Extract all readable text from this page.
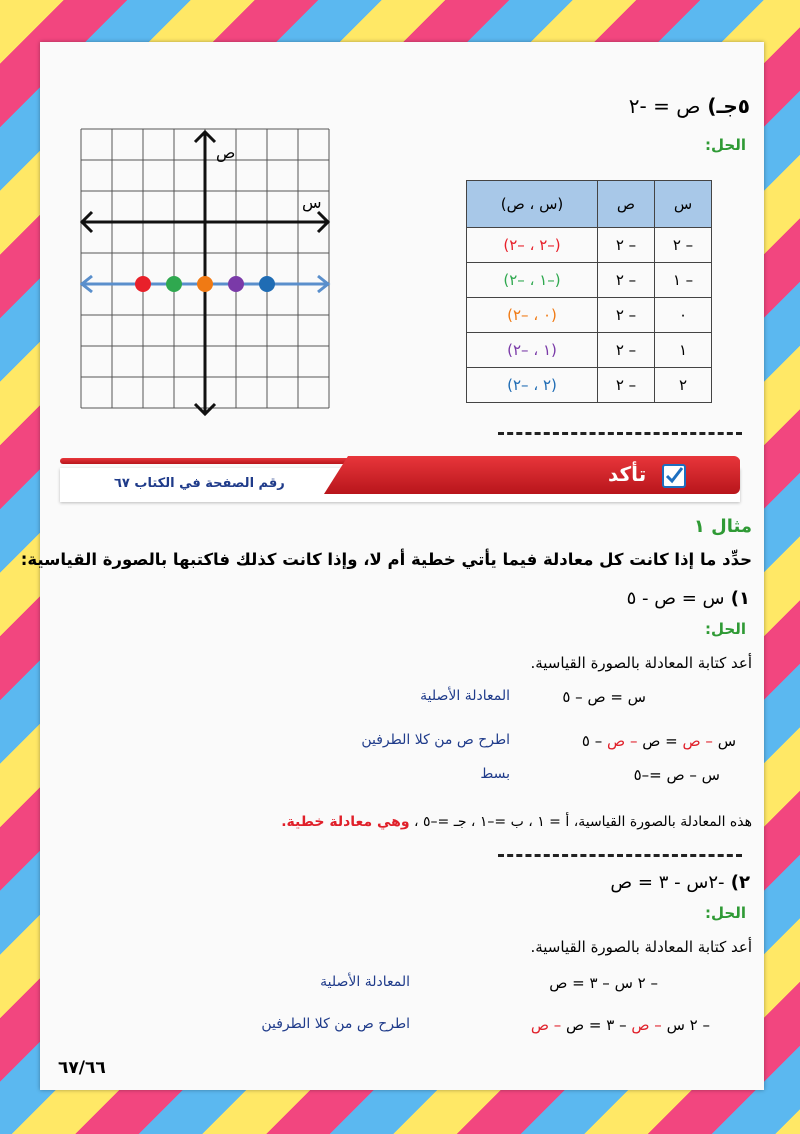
٥جـ) ص = -٢
الحل:
ص
س	س	ص	(س ، ص)
– ٢	– ٢	(–٢ ، –٢)
– ١	– ٢	(–١ ، –٢)
٠	– ٢	(٠ ، –٢)
١	– ٢	(١ ، –٢)
٢	– ٢	(٢ ، –٢)
تأكد
رقم الصفحة في الكتاب ٦٧
مثال ١
حدِّد ما إذا كانت كل معادلة فيما يأتي خطية أم لا، وإذا كانت كذلك فاكتبها بالصورة القياسية:
١) س = ص - ٥
الحل:
أعد كتابة المعادلة بالصورة القياسية.
س = ص – ٥
المعادلة الأصلية
س – ص = ص – ص – ٥
اطرح ص من كلا الطرفين
س – ص =–٥
بسط
هذه المعادلة بالصورة القياسية، أ = ١ ، ب =–١ ، جـ =–٥ ، وهي معادلة خطية.
٢) -٢س - ٣ = ص
الحل:
أعد كتابة المعادلة بالصورة القياسية.
– ٢ س – ٣ = ص
المعادلة الأصلية
– ٢ س – ص – ٣ = ص – ص
اطرح ص من كلا الطرفين
٦٧/٦٦
